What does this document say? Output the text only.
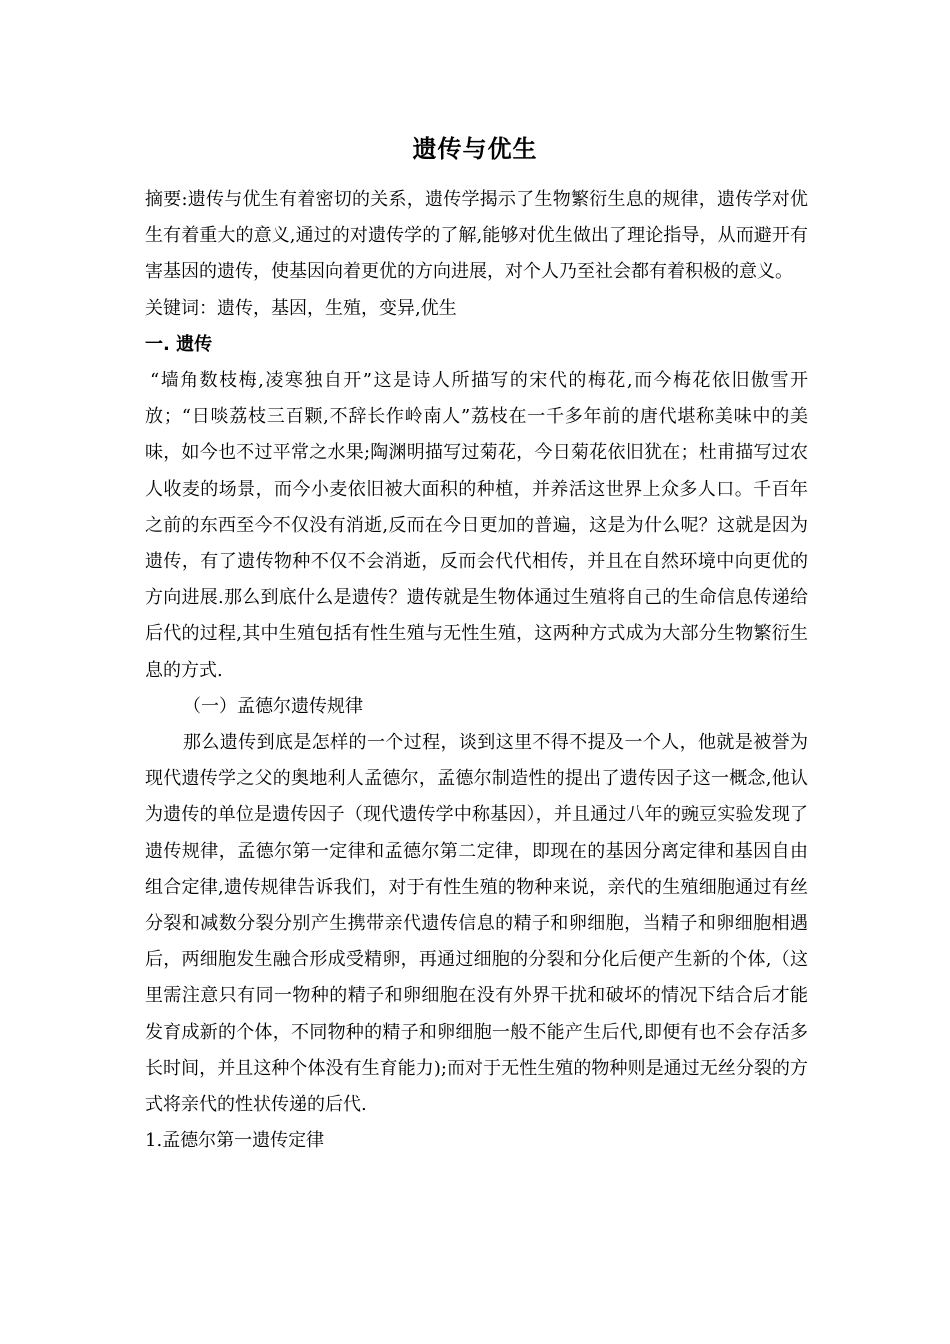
遗传与优生

摘要:遗传与优生有着密切的关系，遗传学揭示了生物繁衍生息的规律，遗传学对优生有着重大的意义,通过的对遗传学的了解,能够对优生做出了理论指导，从而避开有害基因的遗传，使基因向着更优的方向进展，对个人乃至社会都有着积极的意义。

关键词：遗传，基因，生殖，变异,优生

一. 遗传

“墙角数枝梅,凌寒独自开”这是诗人所描写的宋代的梅花,而今梅花依旧傲雪开放；“日啖荔枝三百颗,不辞长作岭南人”荔枝在一千多年前的唐代堪称美味中的美味，如今也不过平常之水果;陶渊明描写过菊花，今日菊花依旧犹在；杜甫描写过农人收麦的场景，而今小麦依旧被大面积的种植，并养活这世界上众多人口。千百年之前的东西至今不仅没有消逝,反而在今日更加的普遍，这是为什么呢？这就是因为遗传，有了遗传物种不仅不会消逝，反而会代代相传，并且在自然环境中向更优的方向进展.那么到底什么是遗传？遗传就是生物体通过生殖将自己的生命信息传递给后代的过程,其中生殖包括有性生殖与无性生殖，这两种方式成为大部分生物繁衍生息的方式.

（一）孟德尔遗传规律

那么遗传到底是怎样的一个过程，谈到这里不得不提及一个人，他就是被誉为现代遗传学之父的奥地利人孟德尔，孟德尔制造性的提出了遗传因子这一概念,他认为遗传的单位是遗传因子（现代遗传学中称基因），并且通过八年的豌豆实验发现了遗传规律，孟德尔第一定律和孟德尔第二定律，即现在的基因分离定律和基因自由组合定律,遗传规律告诉我们，对于有性生殖的物种来说，亲代的生殖细胞通过有丝分裂和减数分裂分别产生携带亲代遗传信息的精子和卵细胞，当精子和卵细胞相遇后，两细胞发生融合形成受精卵，再通过细胞的分裂和分化后便产生新的个体,（这里需注意只有同一物种的精子和卵细胞在没有外界干扰和破坏的情况下结合后才能发育成新的个体，不同物种的精子和卵细胞一般不能产生后代,即便有也不会存活多长时间，并且这种个体没有生育能力);而对于无性生殖的物种则是通过无丝分裂的方式将亲代的性状传递的后代.

1.孟德尔第一遗传定律
